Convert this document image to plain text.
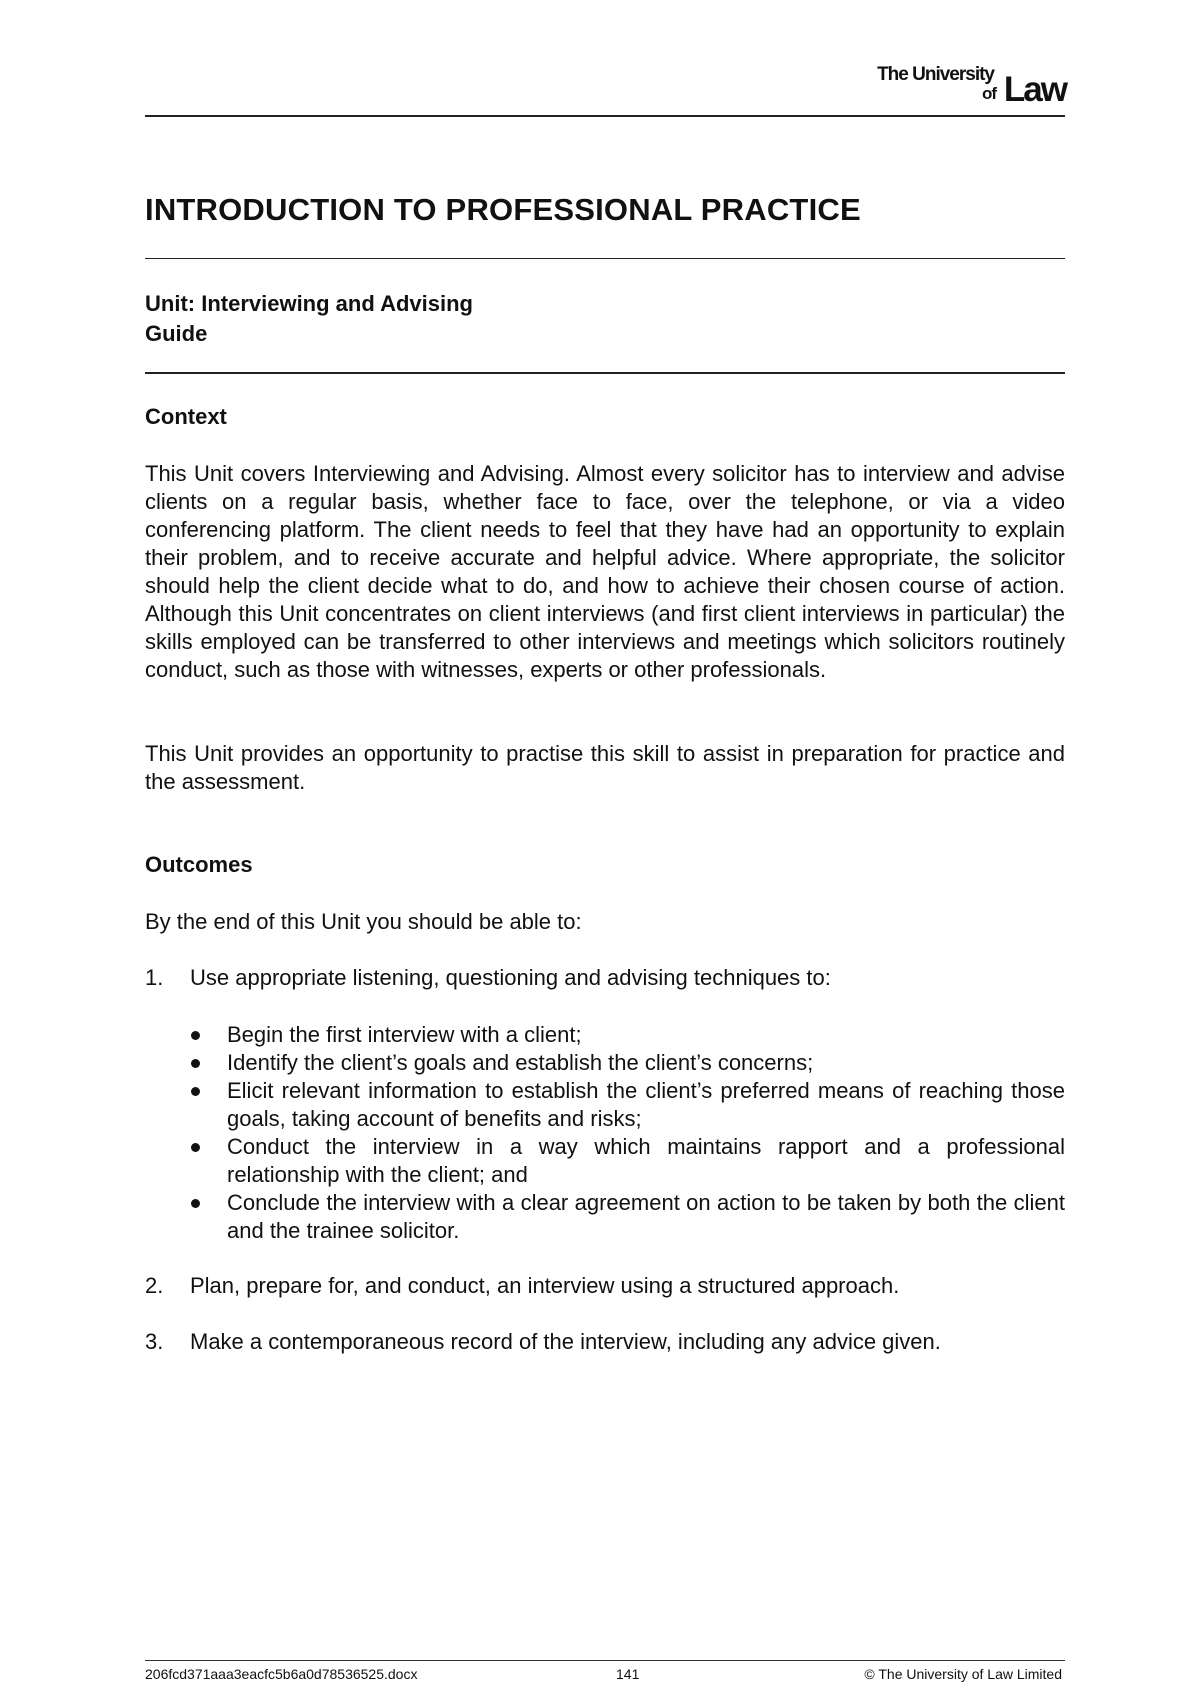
The University
of Law
INTRODUCTION TO PROFESSIONAL PRACTICE
Unit: Interviewing and Advising
Guide
Context
This Unit covers Interviewing and Advising. Almost every solicitor has to interview and advise clients on a regular basis, whether face to face, over the telephone, or via a video conferencing platform. The client needs to feel that they have had an opportunity to explain their problem, and to receive accurate and helpful advice. Where appropriate, the solicitor should help the client decide what to do, and how to achieve their chosen course of action. Although this Unit concentrates on client interviews (and first client interviews in particular) the skills employed can be transferred to other interviews and meetings which solicitors routinely conduct, such as those with witnesses, experts or other professionals.
This Unit provides an opportunity to practise this skill to assist in preparation for practice and the assessment.
Outcomes
By the end of this Unit you should be able to:
1. Use appropriate listening, questioning and advising techniques to:
Begin the first interview with a client;
Identify the client’s goals and establish the client’s concerns;
Elicit relevant information to establish the client’s preferred means of reaching those goals, taking account of benefits and risks;
Conduct the interview in a way which maintains rapport and a professional relationship with the client; and
Conclude the interview with a clear agreement on action to be taken by both the client and the trainee solicitor.
2. Plan, prepare for, and conduct, an interview using a structured approach.
3. Make a contemporaneous record of the interview, including any advice given.
206fcd371aaa3eacfc5b6a0d78536525.docx	141	© The University of Law Limited
